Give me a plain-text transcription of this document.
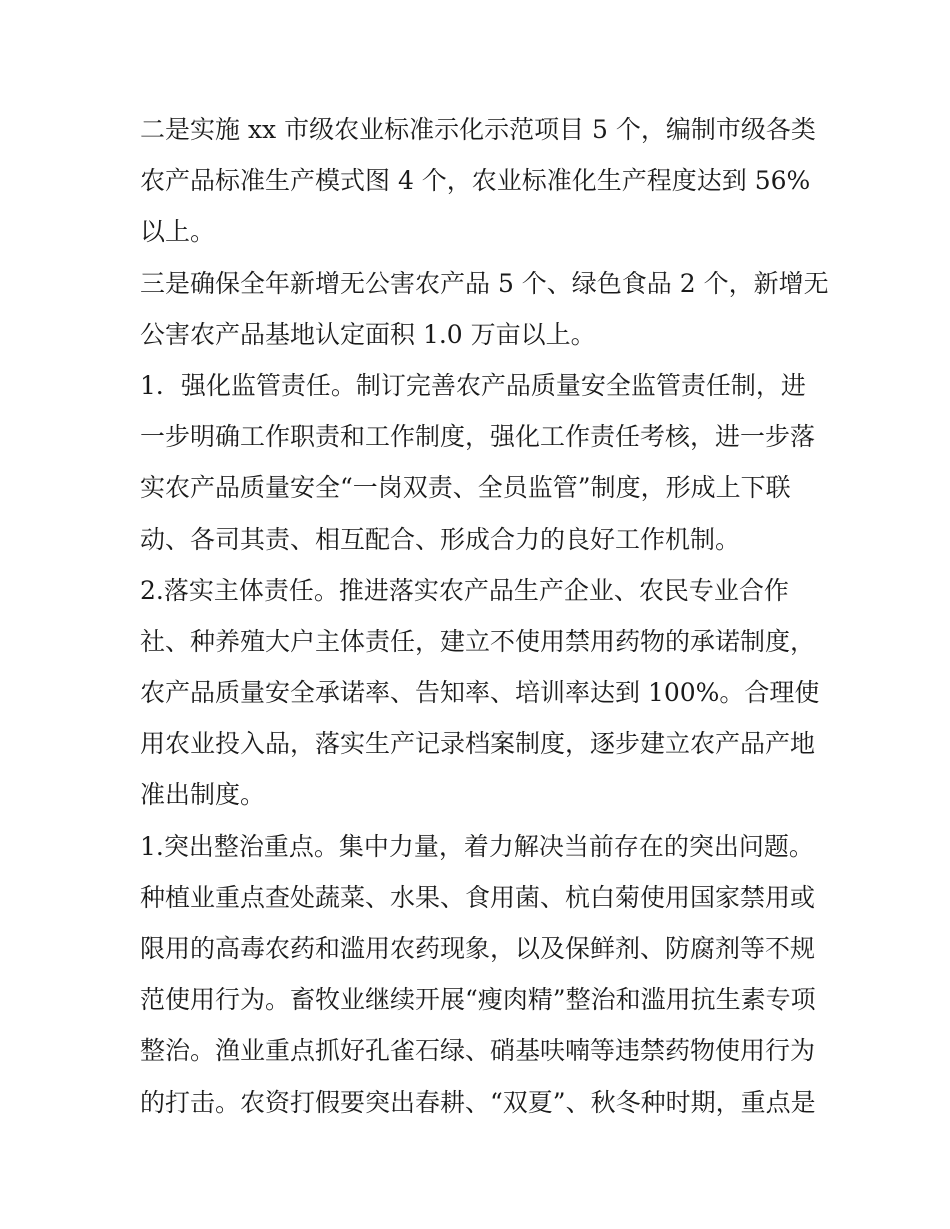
二是实施 xx 市级农业标准示化示范项目 5 个，编制市级各类
农产品标准生产模式图 4 个，农业标准化生产程度达到 56%
以上。
三是确保全年新增无公害农产品 5 个、绿色食品 2 个，新增无
公害农产品基地认定面积 1.0 万亩以上。
1．强化监管责任。制订完善农产品质量安全监管责任制，进
一步明确工作职责和工作制度，强化工作责任考核，进一步落
实农产品质量安全“一岗双责、全员监管”制度，形成上下联
动、各司其责、相互配合、形成合力的良好工作机制。
2.落实主体责任。推进落实农产品生产企业、农民专业合作
社、种养殖大户主体责任，建立不使用禁用药物的承诺制度，
农产品质量安全承诺率、告知率、培训率达到 100%。合理使
用农业投入品，落实生产记录档案制度，逐步建立农产品产地
准出制度。
1.突出整治重点。集中力量，着力解决当前存在的突出问题。
种植业重点查处蔬菜、水果、食用菌、杭白菊使用国家禁用或
限用的高毒农药和滥用农药现象，以及保鲜剂、防腐剂等不规
范使用行为。畜牧业继续开展“瘦肉精”整治和滥用抗生素专项
整治。渔业重点抓好孔雀石绿、硝基呋喃等违禁药物使用行为
的打击。农资打假要突出春耕、“双夏”、秋冬种时期，重点是
